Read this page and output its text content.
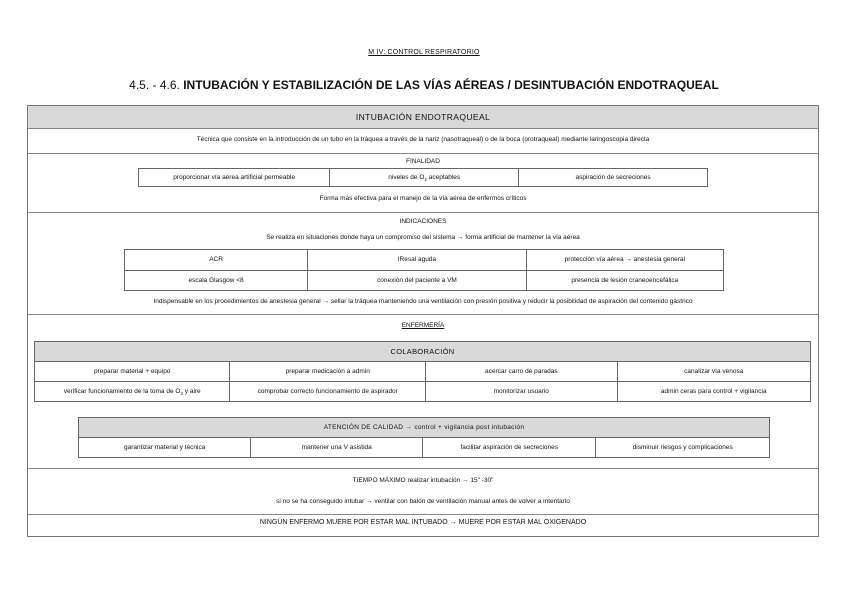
M IV: CONTROL RESPIRATORIO
4.5. - 4.6. INTUBACIÓN Y ESTABILIZACIÓN DE LAS VÍAS AÉREAS / DESINTUBACIÓN ENDOTRAQUEAL
INTUBACIÓN ENDOTRAQUEAL
Técnica que consiste en la introducción de un tubo en la tráquea a través de la nariz (nasotraqueal) o de la boca (orotraqueal) mediante laringoscopia directa
FINALIDAD
proporcionar vía aérea artificial permeable	niveles de $O_2$ aceptables	aspiración de secreciones
Forma más efectiva para el manejo de la vía aérea de enfermos críticos
INDICACIONES
Se realiza en situaciones donde haya un compromiso del sistema → forma artificial de mantener la vía aérea
ACR	IResal aguda	protección vía aérea → anestesia general
escala Glasgow <8	conexión del paciente a VM	presencia de lesión craneoencefálica
Indispensable en los procedimientos de anestesia general → sellar la tráquea manteniendo una ventilación con presión positiva y reducir la posibilidad de aspiración del contenido gástrico
ENFERMERÍA
COLABORACIÓN			
preparar material + equipo	preparar medicación a admin	acercar carro de paradas	canalizar vía venosa
verificar funcionamiento de la toma de $O_2$ y aire	comprobar correcto funcionamiento de aspirador	monitorizar usuario	admin ceras para control + vigilancia
ATENCIÓN DE CALIDAD → control + vigilancia post intubación
garantizar material y técnica	mantener una V asistida	facilitar aspiración de secreciones	disminuir riesgos y complicaciones
TIEMPO MÁXIMO realizar intubación → 15" -30"
si no se ha conseguido intubar → ventilar con balón de ventilación manual antes de volver a intentarlo
NINGÚN ENFERMO MUERE POR ESTAR MAL INTUBADO → MUERE POR ESTAR MAL OXIGENADO
